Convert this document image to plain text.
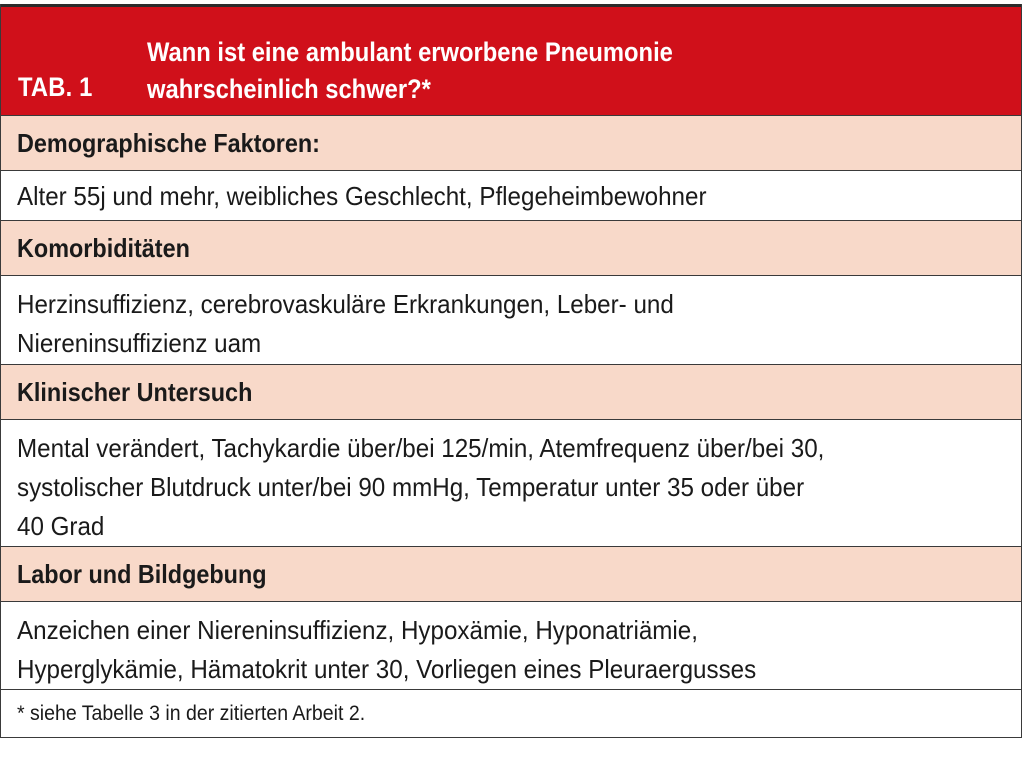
TAB. 1
Wann ist eine ambulant erworbene Pneumonie
wahrscheinlich schwer?*
Demographische Faktoren:
Alter 55j und mehr, weibliches Geschlecht, Pflegeheimbewohner
Komorbiditäten
Herzinsuffizienz, cerebrovaskuläre Erkrankungen, Leber- und
Niereninsuffizienz uam
Klinischer Untersuch
Mental verändert, Tachykardie über/bei 125/min, Atemfrequenz über/bei 30,
systolischer Blutdruck unter/bei 90 mmHg, Temperatur unter 35 oder über
40 Grad
Labor und Bildgebung
Anzeichen einer Niereninsuffizienz, Hypoxämie, Hyponatriämie,
Hyperglykämie, Hämatokrit unter 30, Vorliegen eines Pleuraergusses
* siehe Tabelle 3 in der zitierten Arbeit 2.
